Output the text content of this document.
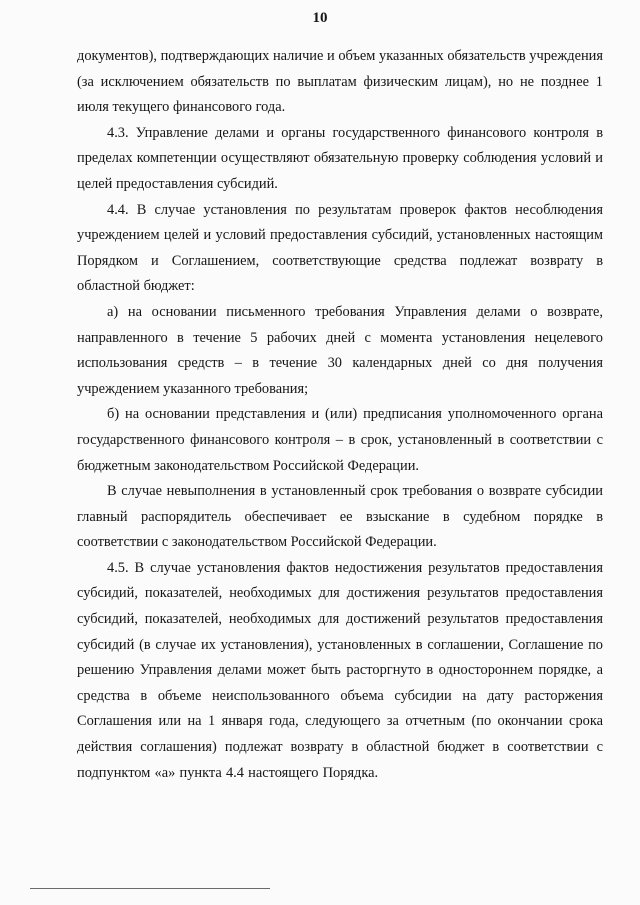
10

документов), подтверждающих наличие и объем указанных обязательств учреждения (за исключением обязательств по выплатам физическим лицам), но не позднее 1 июля текущего финансового года.

4.3. Управление делами и органы государственного финансового контроля в пределах компетенции осуществляют обязательную проверку соблюдения условий и целей предоставления субсидий.

4.4. В случае установления по результатам проверок фактов несоблюдения учреждением целей и условий предоставления субсидий, установленных настоящим Порядком и Соглашением, соответствующие средства подлежат возврату в областной бюджет:

а) на основании письменного требования Управления делами о возврате, направленного в течение 5 рабочих дней с момента установления нецелевого использования средств – в течение 30 календарных дней со дня получения учреждением указанного требования;

б) на основании представления и (или) предписания уполномоченного органа государственного финансового контроля – в срок, установленный в соответствии с бюджетным законодательством Российской Федерации.

В случае невыполнения в установленный срок требования о возврате субсидии главный распорядитель обеспечивает ее взыскание в судебном порядке в соответствии с законодательством Российской Федерации.

4.5. В случае установления фактов недостижения результатов предоставления субсидий, показателей, необходимых для достижения результатов предоставления субсидий, показателей, необходимых для достижений результатов предоставления субсидий (в случае их установления), установленных в соглашении, Соглашение по решению Управления делами может быть расторгнуто в одностороннем порядке, а средства в объеме неиспользованного объема субсидии на дату расторжения Соглашения или на 1 января года, следующего за отчетным (по окончании срока действия соглашения) подлежат возврату в областной бюджет в соответствии с подпунктом «а» пункта 4.4 настоящего Порядка.
